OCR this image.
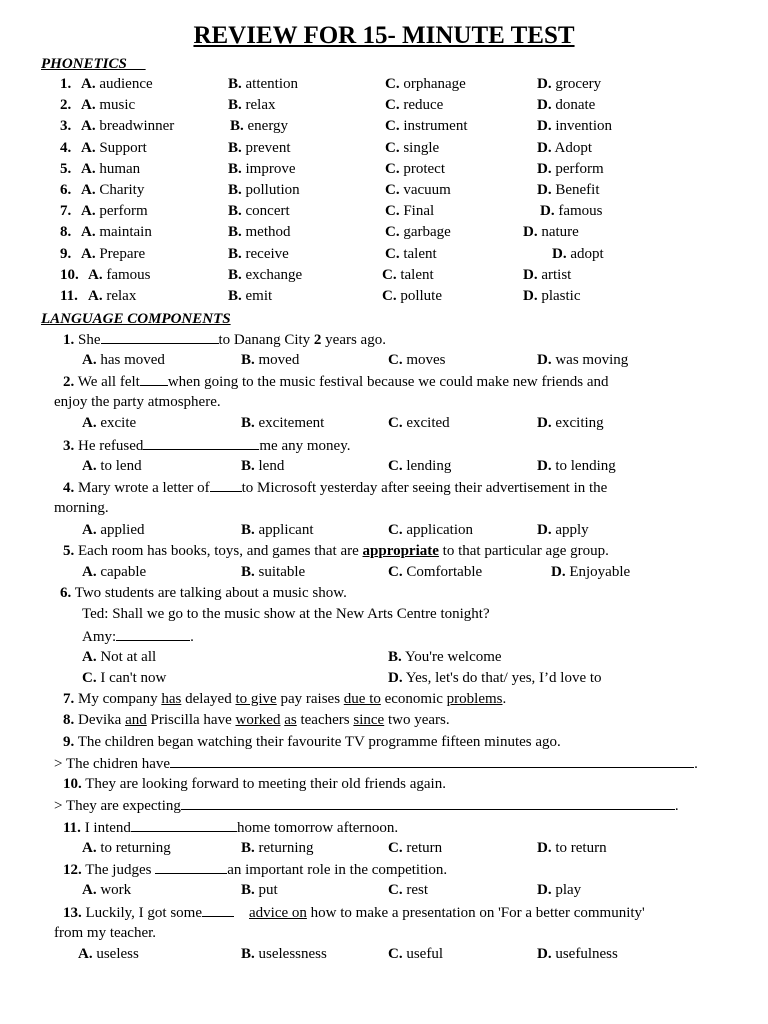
REVIEW FOR 15- MINUTE TEST
PHONETICS
1. A. audience	B. attention	C. orphanage	D. grocery
2. A. music	B. relax	C. reduce	D. donate
3. A. breadwinner	B. energy	C. instrument	D. invention
4. A. Support	B. prevent	C. single	D. Adopt
5. A. human	B. improve	C. protect	D. perform
6. A. Charity	B. pollution	C. vacuum	D. Benefit
7. A. perform	B. concert	C. Final	D. famous
8. A. maintain	B. method	C. garbage	D. nature
9. A. Prepare	B. receive	C. talent	D. adopt
10. A. famous	B. exchange	C. talent	D. artist
11. A. relax	B. emit	C. pollute	D. plastic
LANGUAGE COMPONENTS
1. She	to Danang City 2 years ago.
A. has moved	B. moved	C. moves	D. was moving
2. We all felt when going to the music festival because we could make new friends and
enjoy the party atmosphere.
A. excite	B. excitement	C. excited	D. exciting
3. He refused	me any money.
A. to lend	B. lend	C. lending	D. to lending
4. Mary wrote a letter of to Microsoft yesterday after seeing their advertisement in the
morning.
A. applied	B. applicant	C. application	D. apply
5. Each room has books, toys, and games that are appropriate to that particular age group.
A. capable	B. suitable	C. Comfortable	D. Enjoyable
6. Two students are talking about a music show.
Ted: Shall we go to the music show at the New Arts Centre tonight?
Amy:	.
A. Not at all	B. You're welcome
C. I can't now	D. Yes, let's do that/ yes, I’d love to
7. My company has delayed to give pay raises due to economic problems.
8. Devika and Priscilla have worked as teachers since two years.
9. The children began watching their favourite TV programme fifteen minutes ago.
> The chidren have	.
10. They are looking forward to meeting their old friends again.
> They are expecting	.
11. I intend	home tomorrow afternoon.
A. to returning	B. returning	C. return	D. to return
12. The judges	an important role in the competition.
A. work	B. put	C. rest	D. play
13. Luckily, I got some	advice on how to make a presentation on 'For a better community'
from my teacher.
A. useless	B. uselessness	C. useful	D. usefulness
